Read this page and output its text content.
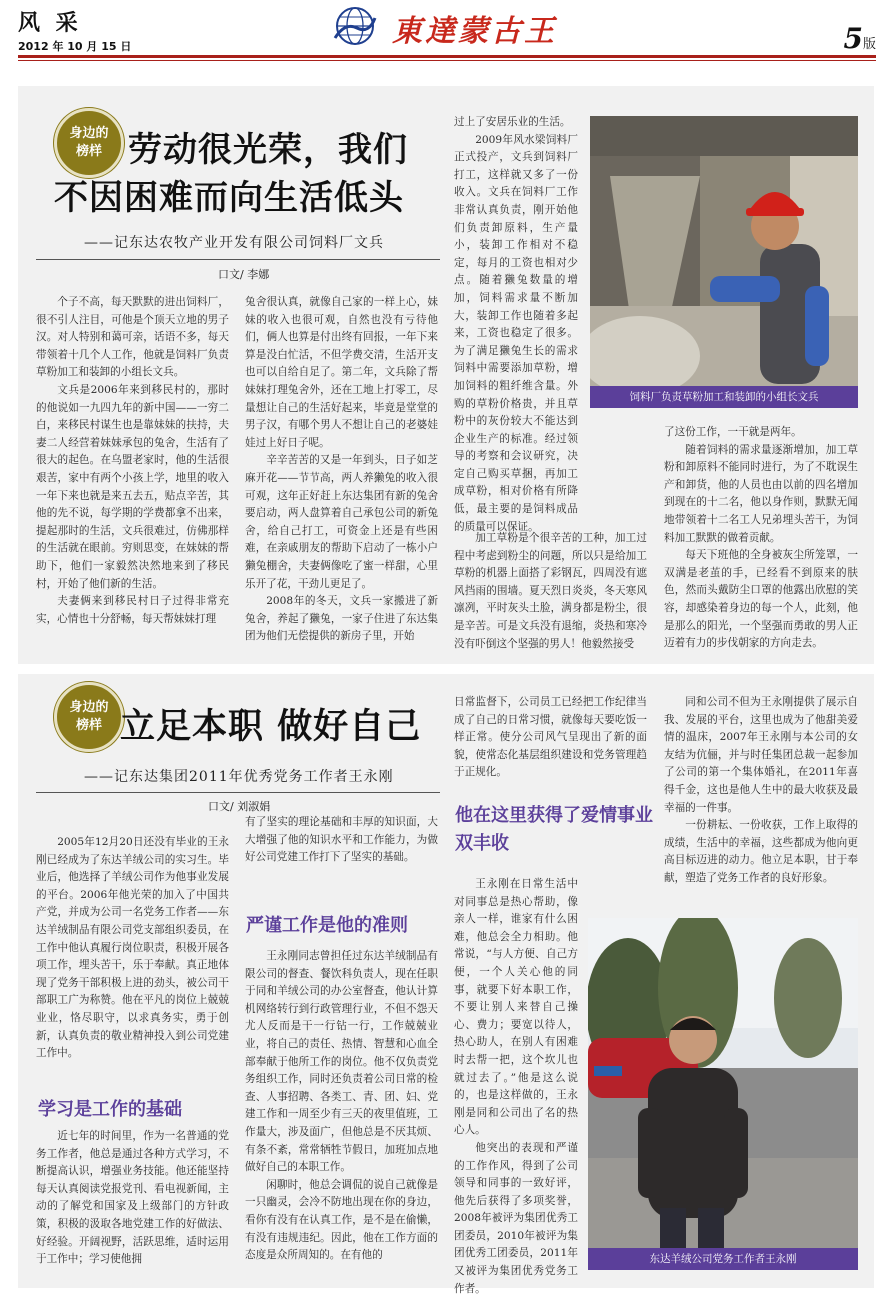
风 采
2012 年 10 月 15 日	東達蒙古王	5版
身边的
榜样 劳动很光荣，我们
不因困难而向生活低头
——记东达农牧产业开发有限公司饲料厂文兵
口文/ 李娜

个子不高，每天默默的进出饲料厂，很不引人注目，可他是个顶天立地的男子汉。对人特别和蔼可亲，话语不多，每天带领着十几个人工作，他就是饲料厂负责草粉加工和装卸的小组长文兵。

文兵是2006年来到移民村的，那时的他说如一九四九年的新中国——一穷二白，来移民村谋生也是靠妹妹的扶持，夫妻二人经营着妹妹承包的兔舍，生活有了很大的起色。在乌盟老家时，他的生活很艰苦，家中有两个小孩上学，地里的收入一年下来也就是来五去五，贴点辛苦，其他的先不说，每学期的学费都拿不出来，提起那时的生活，文兵很难过，仿佛那样的生活就在眼前。穷则思变，在妹妹的帮助下，他们一家毅然决然地来到了移民村，开始了他们新的生活。

夫妻俩来到移民村日子过得非常充实，心情也十分舒畅，每天帮妹妹打理

兔舍很认真，就像自己家的一样上心，妹妹的收入也很可观，自然也没有亏待他们，俩人也算是付出终有回报，一年下来算是没白忙活，不但学费交清，生活开支也可以自给自足了。第二年，文兵除了帮妹妹打理兔舍外，还在工地上打零工，尽量想让自己的生活好起来，毕竟是堂堂的男子汉，有哪个男人不想让自己的老婆娃娃过上好日子呢。

辛辛苦苦的又是一年到头，日子如芝麻开花——节节高，两人养獭兔的收入很可观，这年正好赶上东达集团有新的兔舍要启动，两人盘算着自己承包公司的新兔舍，给自己打工，可资金上还是有些困难，在亲戚朋友的帮助下启动了一栋小户獭兔棚舍，夫妻俩像吃了蜜一样甜，心里乐开了花，干劲儿更足了。

2008年的冬天，文兵一家搬进了新兔舍，养起了獭兔，一家子住进了东达集团为他们无偿提供的新房子里，开始

过上了安居乐业的生活。

2009年风水梁饲料厂正式投产，文兵到饲料厂打工，这样就又多了一份收入。文兵在饲料厂工作非常认真负责，刚开始他们负责卸原料，生产量小，装卸工作相对不稳定，每月的工资也相对少点。随着獭兔数量的增加，饲料需求量不断加大，装卸工作也随着多起来，工资也稳定了很多。为了满足獭兔生长的需求饲料中需要添加草粉，增加饲料的粗纤维含量。外购的草粉价格贵，并且草粉中的灰份较大不能达到企业生产的标准。经过领导的考察和会议研究，决定自己购买草捆，再加工成草粉，相对价格有所降低，最主要的是饲料成品的质量可以保证。

加工草粉是个很辛苦的工种，加工过程中考虑到粉尘的问题，所以只是给加工草粉的机器上面搭了彩钢瓦，四周没有遮风挡雨的围墙。夏天烈日炎炎，冬天寒风凛冽，平时灰头土脸，满身都是粉尘，很是辛苦。可是文兵没有退缩，炎热和寒冷没有吓倒这个坚强的男人！他毅然接受

了这份工作，一干就是两年。

随着饲料的需求量逐渐增加，加工草粉和卸原料不能同时进行，为了不耽误生产和卸货，他的人员也由以前的四名增加到现在的十二名，他以身作则，默默无闻地带领着十二名工人兄弟埋头苦干，为饲料加工默默的做着贡献。

每天下班他的全身被灰尘所笼罩，一双满是老茧的手，已经看不到原来的肤色，然而头戴防尘口罩的他露出欣慰的笑容，却感染着身边的每一个人，此刻，他是那么的阳光，一个坚强而勇敢的男人正迈着有力的步伐朝家的方向走去。

饲料厂负责草粉加工和装卸的小组长文兵
身边的
榜样 立足本职 做好自己
——记东达集团2011年优秀党务工作者王永刚
口文/ 刘淑娟

2005年12月20日还没有毕业的王永刚已经成为了东达羊绒公司的实习生。毕业后，他选择了羊绒公司作为他事业发展的平台。2006年他光荣的加入了中国共产党，并成为公司一名党务工作者——东达羊绒制品有限公司党支部组织委员，在工作中他认真履行岗位职责，积极开展各项工作，埋头苦干，乐于奉献。真正地体现了党务干部积极上进的劲头，被公司干部职工广为称赞。他在平凡的岗位上兢兢业业，恪尽职守，以求真务实，勇于创新，认真负责的敬业精神投入到公司党建工作中。

学习是工作的基础

近七年的时间里，作为一名普通的党务工作者，他总是通过各种方式学习，不断提高认识，增强业务技能。他还能坚持每天认真阅读党报党刊、看电视新闻，主动的了解党和国家及上级部门的方针政策，积极的汲取各地党建工作的好做法、好经验。开阔视野，活跃思维，适时运用于工作中；学习使他拥

有了坚实的理论基础和丰厚的知识面，大大增强了他的知识水平和工作能力，为做好公司党建工作打下了坚实的基础。

严谨工作是他的准则

王永刚同志曾担任过东达羊绒制品有限公司的督查、餐饮科负责人，现在任职于同和羊绒公司的办公室督查，他认计算机网络转行到行政管理行业，不但不怨天尤人反而是干一行钻一行，工作兢兢业业，将自己的责任、热情、智慧和心血全部奉献于他所工作的岗位。他不仅负责党务组织工作，同时还负责着公司日常的检查、人事招聘、各类工、青、团、妇、党建工作和一周至少有三天的夜里值班，工作量大，涉及面广，但他总是不厌其烦、有条不紊，常常牺牲节假日，加班加点地做好自己的本职工作。

闲聊时，他总会调侃的说自己就像是一只幽灵，会冷不防地出现在你的身边，看你有没有在认真工作，是不是在偷懒，有没有违规违纪。因此，他在工作方面的态度是众所周知的。在有他的

日常监督下，公司员工已经把工作纪律当成了自己的日常习惯，就像每天要吃饭一样正常。使分公司风气呈现出了新的面貌，使常态化基层组织建设和党务管理趋于正规化。

他在这里获得了爱情事业双丰收

王永刚在日常生活中对同事总是热心帮助，像亲人一样，谁家有什么困难，他总会全力相助。他常说，“与人方便、自己方便，一个人关心他的同事，就要下好本职工作，不要让别人来替自己操心、费力；要宽以待人，热心助人，在别人有困难时去帮一把，这个坎儿也就过去了。”他是这么说的，也是这样做的，王永刚是同和公司出了名的热心人。

他突出的表现和严谨的工作作风，得到了公司领导和同事的一致好评，他先后获得了多项奖誉，2008年被评为集团优秀工团委员，2010年被评为集团优秀工团委员，2011年又被评为集团优秀党务工作者。

同和公司不但为王永刚提供了展示自我、发展的平台，这里也成为了他甜美爱情的温床，2007年王永刚与本公司的女友结为伉俪，并与时任集团总裁一起参加了公司的第一个集体婚礼，在2011年喜得千金，这也是他人生中的最大收获及最幸福的一件事。

一份耕耘、一份收获，工作上取得的成绩，生活中的幸福，这些都成为他向更高目标迈进的动力。他立足本职，甘于奉献，塑造了党务工作者的良好形象。

东达羊绒公司党务工作者王永刚
